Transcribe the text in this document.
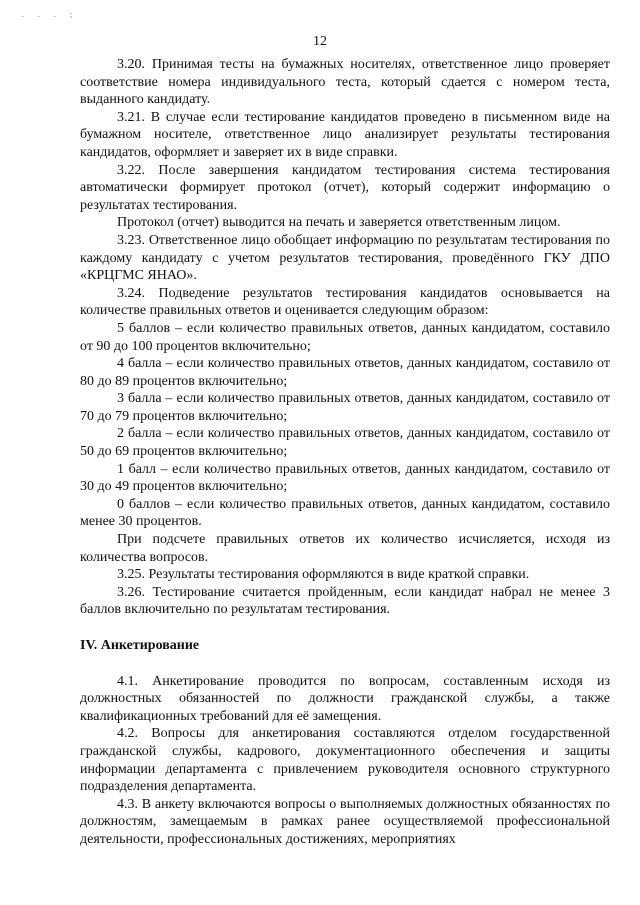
. . . ;
12

3.20. Принимая тесты на бумажных носителях, ответственное лицо проверяет соответствие номера индивидуального теста, который сдается с номером теста, выданного кандидату.

3.21. В случае если тестирование кандидатов проведено в письменном виде на бумажном носителе, ответственное лицо анализирует результаты тестирования кандидатов, оформляет и заверяет их в виде справки.

3.22. После завершения кандидатом тестирования система тестирования автоматически формирует протокол (отчет), который содержит информацию о результатах тестирования.

Протокол (отчет) выводится на печать и заверяется ответственным лицом.

3.23. Ответственное лицо обобщает информацию по результатам тестирования по каждому кандидату с учетом результатов тестирования, проведённого ГКУ ДПО «КРЦГМС ЯНАО».

3.24. Подведение результатов тестирования кандидатов основывается на количестве правильных ответов и оценивается следующим образом:

5 баллов – если количество правильных ответов, данных кандидатом, составило от 90 до 100 процентов включительно;

4 балла – если количество правильных ответов, данных кандидатом, составило от 80 до 89 процентов включительно;

3 балла – если количество правильных ответов, данных кандидатом, составило от 70 до 79 процентов включительно;

2 балла – если количество правильных ответов, данных кандидатом, составило от 50 до 69 процентов включительно;

1 балл – если количество правильных ответов, данных кандидатом, составило от 30 до 49 процентов включительно;

0 баллов – если количество правильных ответов, данных кандидатом, составило менее 30 процентов.

При подсчете правильных ответов их количество исчисляется, исходя из количества вопросов.

3.25. Результаты тестирования оформляются в виде краткой справки.

3.26. Тестирование считается пройденным, если кандидат набрал не менее 3 баллов включительно по результатам тестирования.

IV. Анкетирование

4.1. Анкетирование проводится по вопросам, составленным исходя из должностных обязанностей по должности гражданской службы, а также квалификационных требований для её замещения.

4.2. Вопросы для анкетирования составляются отделом государственной гражданской службы, кадрового, документационного обеспечения и защиты информации департамента с привлечением руководителя основного структурного подразделения департамента.

4.3. В анкету включаются вопросы о выполняемых должностных обязанностях по должностям, замещаемым в рамках ранее осуществляемой профессиональной деятельности, профессиональных достижениях, мероприятиях
